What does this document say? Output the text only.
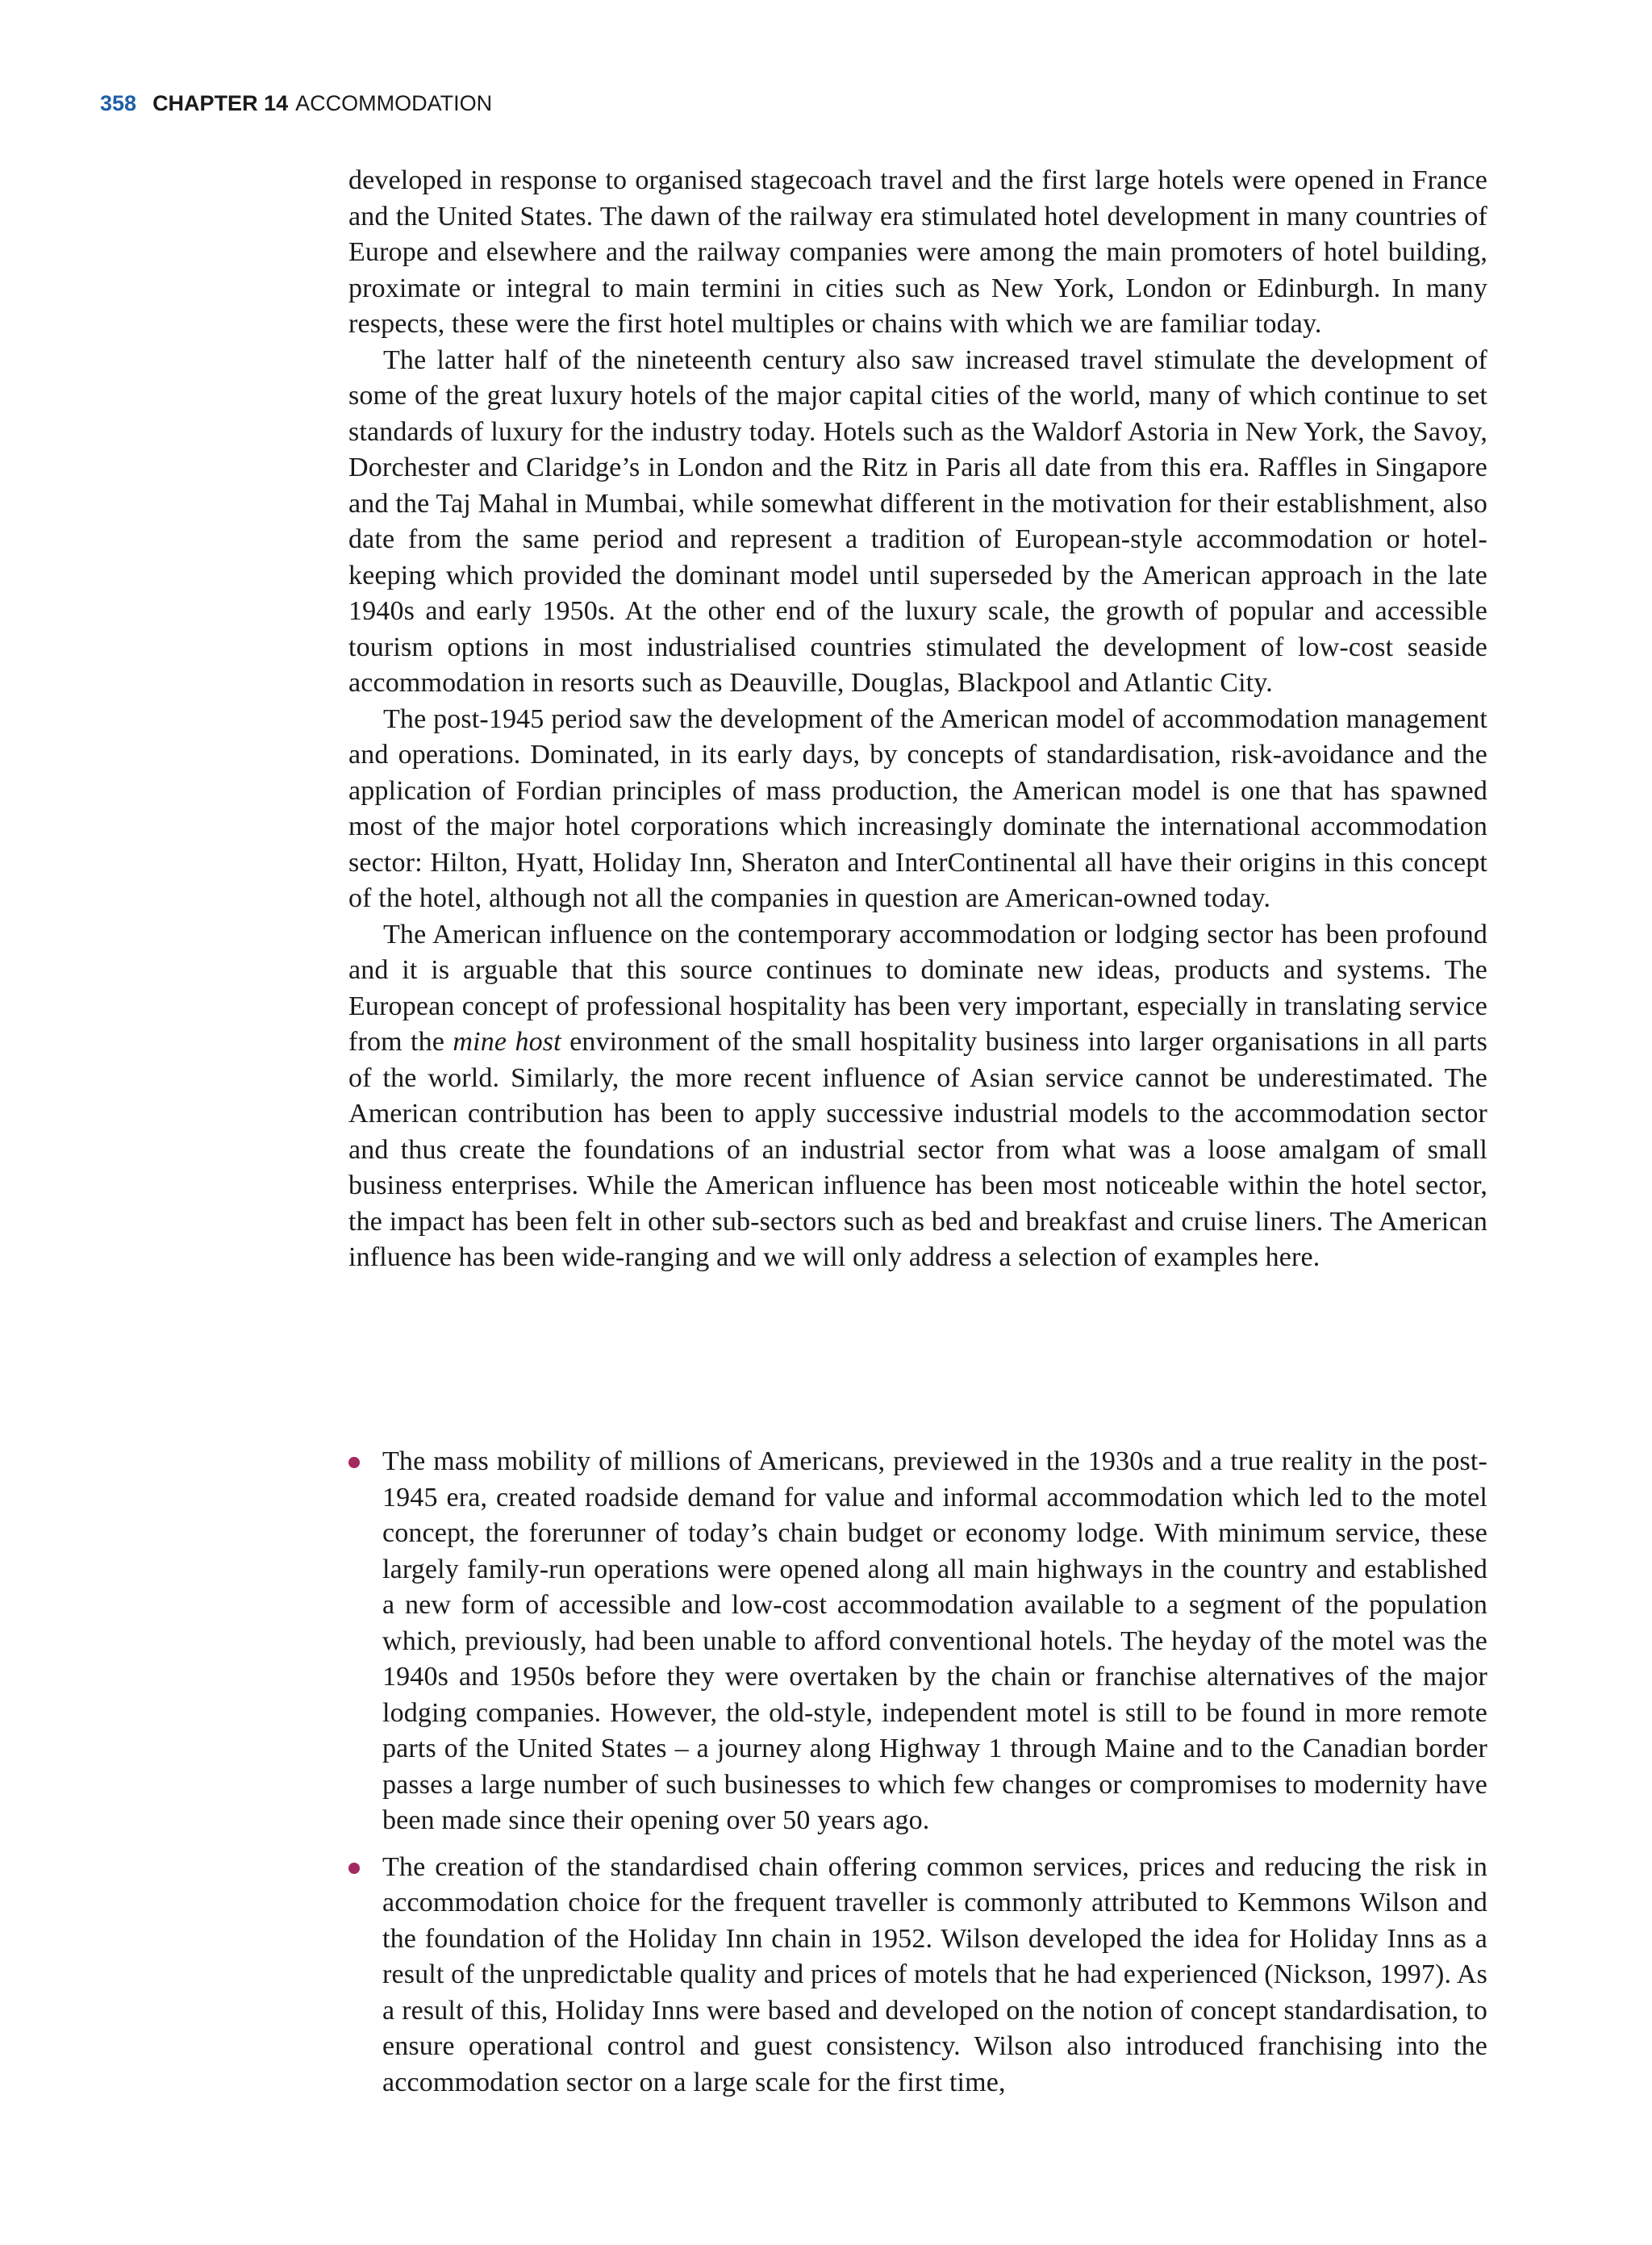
358 CHAPTER 14 ACCOMMODATION

developed in response to organised stagecoach travel and the first large hotels were opened in France and the United States. The dawn of the railway era stimulated hotel development in many countries of Europe and elsewhere and the railway companies were among the main promoters of hotel building, proximate or integral to main termini in cities such as New York, London or Edinburgh. In many respects, these were the first hotel multiples or chains with which we are familiar today.

The latter half of the nineteenth century also saw increased travel stimulate the development of some of the great luxury hotels of the major capital cities of the world, many of which continue to set standards of luxury for the industry today. Hotels such as the Waldorf Astoria in New York, the Savoy, Dorchester and Claridge’s in London and the Ritz in Paris all date from this era. Raffles in Singapore and the Taj Mahal in Mumbai, while somewhat different in the motivation for their establishment, also date from the same period and represent a tradition of European-style accommodation or hotel-keeping which provided the dominant model until superseded by the American approach in the late 1940s and early 1950s. At the other end of the luxury scale, the growth of popular and accessible tourism options in most industrialised countries stimulated the development of low-cost seaside accommodation in resorts such as Deauville, Douglas, Blackpool and Atlantic City.

The post-1945 period saw the development of the American model of accommodation management and operations. Dominated, in its early days, by concepts of standardisation, risk-avoidance and the application of Fordian principles of mass production, the American model is one that has spawned most of the major hotel corporations which increasingly dominate the international accommodation sector: Hilton, Hyatt, Holiday Inn, Sheraton and InterContinental all have their origins in this concept of the hotel, although not all the companies in question are American-owned today.

The American influence on the contemporary accommodation or lodging sector has been profound and it is arguable that this source continues to dominate new ideas, products and systems. The European concept of professional hospitality has been very important, especially in translating service from the mine host environment of the small hospitality business into larger organisations in all parts of the world. Similarly, the more recent influence of Asian service cannot be underestimated. The American contribution has been to apply successive industrial models to the accommodation sector and thus create the foundations of an industrial sector from what was a loose amalgam of small business enterprises. While the American influence has been most noticeable within the hotel sector, the impact has been felt in other sub-sectors such as bed and breakfast and cruise liners. The American influence has been wide-ranging and we will only address a selection of examples here.

The mass mobility of millions of Americans, previewed in the 1930s and a true reality in the post-1945 era, created roadside demand for value and informal accommodation which led to the motel concept, the forerunner of today’s chain budget or economy lodge. With minimum service, these largely family-run operations were opened along all main highways in the country and established a new form of accessible and low-cost accommodation available to a segment of the population which, previously, had been unable to afford conventional hotels. The heyday of the motel was the 1940s and 1950s before they were overtaken by the chain or franchise alternatives of the major lodging companies. However, the old-style, independent motel is still to be found in more remote parts of the United States – a journey along Highway 1 through Maine and to the Canadian border passes a large number of such businesses to which few changes or compromises to modernity have been made since their opening over 50 years ago.
The creation of the standardised chain offering common services, prices and reducing the risk in accommodation choice for the frequent traveller is commonly attributed to Kemmons Wilson and the foundation of the Holiday Inn chain in 1952. Wilson developed the idea for Holiday Inns as a result of the unpredictable quality and prices of motels that he had experienced (Nickson, 1997). As a result of this, Holiday Inns were based and developed on the notion of concept standardisation, to ensure operational control and guest consistency. Wilson also introduced franchising into the accommodation sector on a large scale for the first time,
